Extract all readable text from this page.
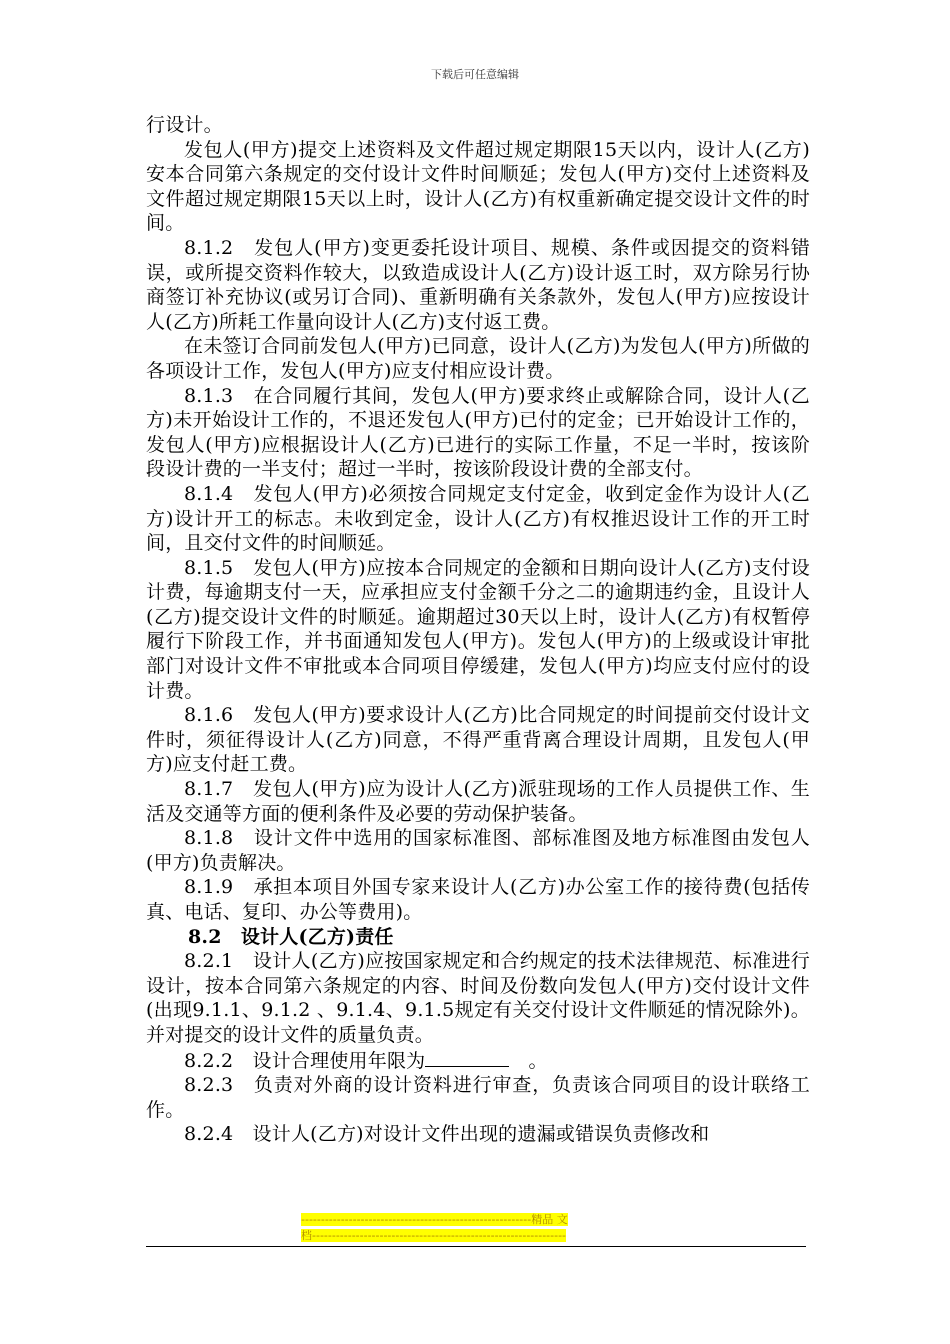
下载后可任意编辑

行设计。

发包人(甲方)提交上述资料及文件超过规定期限15天以内，设计人(乙方)安本合同第六条规定的交付设计文件时间顺延；发包人(甲方)交付上述资料及文件超过规定期限15天以上时，设计人(乙方)有权重新确定提交设计文件的时间。

8.1.2　发包人(甲方)变更委托设计项目、规模、条件或因提交的资料错误，或所提交资料作较大，以致造成设计人(乙方)设计返工时，双方除另行协商签订补充协议(或另订合同)、重新明确有关条款外，发包人(甲方)应按设计人(乙方)所耗工作量向设计人(乙方)支付返工费。

在未签订合同前发包人(甲方)已同意，设计人(乙方)为发包人(甲方)所做的各项设计工作，发包人(甲方)应支付相应设计费。

8.1.3　在合同履行其间，发包人(甲方)要求终止或解除合同，设计人(乙方)未开始设计工作的，不退还发包人(甲方)已付的定金；已开始设计工作的，发包人(甲方)应根据设计人(乙方)已进行的实际工作量，不足一半时，按该阶段设计费的一半支付；超过一半时，按该阶段设计费的全部支付。

8.1.4　发包人(甲方)必须按合同规定支付定金，收到定金作为设计人(乙方)设计开工的标志。未收到定金，设计人(乙方)有权推迟设计工作的开工时间，且交付文件的时间顺延。

8.1.5　发包人(甲方)应按本合同规定的金额和日期向设计人(乙方)支付设计费，每逾期支付一天，应承担应支付金额千分之二的逾期违约金，且设计人(乙方)提交设计文件的时顺延。逾期超过30天以上时，设计人(乙方)有权暂停履行下阶段工作，并书面通知发包人(甲方)。发包人(甲方)的上级或设计审批部门对设计文件不审批或本合同项目停缓建，发包人(甲方)均应支付应付的设计费。

8.1.6　发包人(甲方)要求设计人(乙方)比合同规定的时间提前交付设计文件时，须征得设计人(乙方)同意，不得严重背离合理设计周期，且发包人(甲方)应支付赶工费。

8.1.7　发包人(甲方)应为设计人(乙方)派驻现场的工作人员提供工作、生活及交通等方面的便利条件及必要的劳动保护装备。

8.1.8　设计文件中选用的国家标准图、部标准图及地方标准图由发包人(甲方)负责解决。

8.1.9　承担本项目外国专家来设计人(乙方)办公室工作的接待费(包括传真、电话、复印、办公等费用)。

8.2　设计人(乙方)责任

8.2.1　设计人(乙方)应按国家规定和合约规定的技术法律规范、标准进行设计，按本合同第六条规定的内容、时间及份数向发包人(甲方)交付设计文件(出现9.1.1、9.1.2 、9.1.4、9.1.5规定有关交付设计文件顺延的情况除外)。并对提交的设计文件的质量负责。

8.2.2　设计合理使用年限为	　。

8.2.3　负责对外商的设计资料进行审查，负责该合同项目的设计联络工作。

8.2.4　设计人(乙方)对设计文件出现的遗漏或错误负责修改和

----------------------------------------------------------精品 文
档----------------------------------------------------------------
